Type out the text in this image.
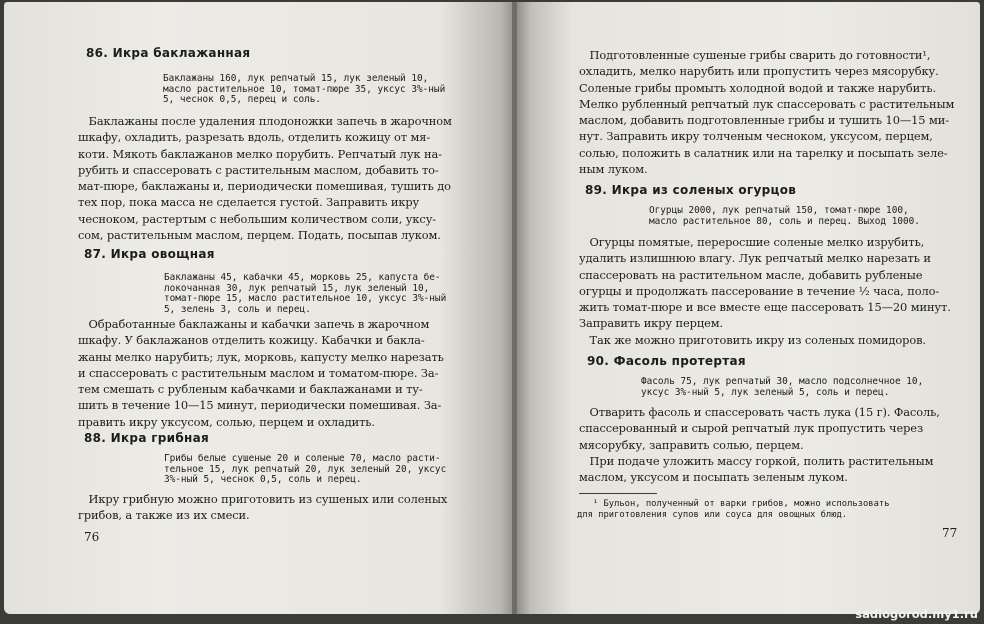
86. Икра баклажанная
Баклажаны 160, лук репчатый 15, лук зеленый 10,
масло растительное 10, томат-пюре 35, уксус 3%-ный
5, чеснок 0,5, перец и соль.
Баклажаны после удаления плодоножки запечь в жарочном
шкафу, охладить, разрезать вдоль, отделить кожицу от мя-
коти. Мякоть баклажанов мелко порубить. Репчатый лук на-
рубить и спассеровать с растительным маслом, добавить то-
мат-пюре, баклажаны и, периодически помешивая, тушить до
тех пор, пока масса не сделается густой. Заправить икру
чесноком, растертым с небольшим количеством соли, уксу-
сом, растительным маслом, перцем. Подать, посыпав луком.
87. Икра овощная
Баклажаны 45, кабачки 45, морковь 25, капуста бе-
локочанная 30, лук репчатый 15, лук зеленый 10,
томат-пюре 15, масло растительное 10, уксус 3%-ный
5, зелень 3, соль и перец.
Обработанные баклажаны и кабачки запечь в жарочном
шкафу. У баклажанов отделить кожицу. Кабачки и бакла-
жаны мелко нарубить; лук, морковь, капусту мелко нарезать
и спассеровать с растительным маслом и томатом-пюре. За-
тем смешать с рубленым кабачками и баклажанами и ту-
шить в течение 10—15 минут, периодически помешивая. За-
править икру уксусом, солью, перцем и охладить.
88. Икра грибная
Грибы белые сушеные 20 и соленые 70, масло расти-
тельное 15, лук репчатый 20, лук зеленый 20, уксус
3%-ный 5, чеснок 0,5, соль и перец.
Икру грибную можно приготовить из сушеных или соленых
грибов, а также из их смеси.
76
Подготовленные сушеные грибы сварить до готовности¹,
охладить, мелко нарубить или пропустить через мясорубку.
Соленые грибы промыть холодной водой и также нарубить.
Мелко рубленный репчатый лук спассеровать с растительным
маслом, добавить подготовленные грибы и тушить 10—15 ми-
нут. Заправить икру толченым чесноком, уксусом, перцем,
солью, положить в салатник или на тарелку и посыпать зеле-
ным луком.
89. Икра из соленых огурцов
Огурцы 2000, лук репчатый 150, томат-пюре 100,
масло растительное 80, соль и перец. Выход 1000.
Огурцы помятые, переросшие соленые мелко изрубить,
удалить излишнюю влагу. Лук репчатый мелко нарезать и
спассеровать на растительном масле, добавить рубленые
огурцы и продолжать пассерование в течение ½ часа, поло-
жить томат-пюре и все вместе еще пассеровать 15—20 минут.
Заправить икру перцем.
Так же можно приготовить икру из соленых помидоров.
90. Фасоль протертая
Фасоль 75, лук репчатый 30, масло подсолнечное 10,
уксус 3%-ный 5, лук зеленый 5, соль и перец.
Отварить фасоль и спассеровать часть лука (15 г). Фасоль,
спассерованный и сырой репчатый лук пропустить через
мясорубку, заправить солью, перцем.
При подаче уложить массу горкой, полить растительным
маслом, уксусом и посыпать зеленым луком.
¹ Бульон, полученный от варки грибов, можно использовать
для приготовления супов или соуса для овощных блюд.
77
sadiogorod.my1.ru
